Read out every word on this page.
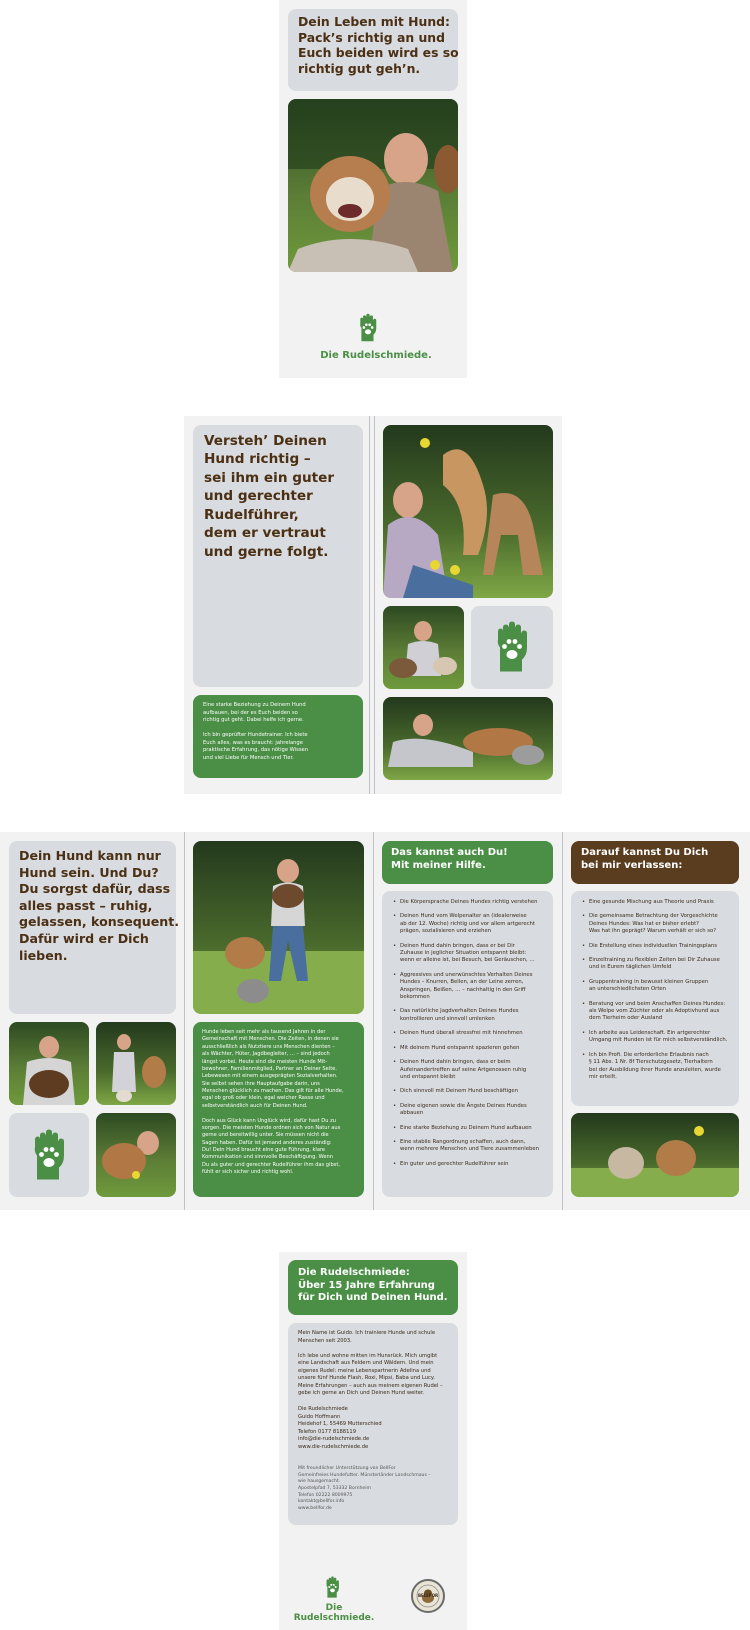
Dein Leben mit Hund:
Pack’s richtig an und
Euch beiden wird es so
richtig gut geh’n.
Die Rudelschmiede.
Versteh’ Deinen
Hund richtig –
sei ihm ein guter
und gerechter
Rudelführer,
dem er vertraut
und gerne folgt.
Eine starke Beziehung zu Deinem Hund
aufbauen, bei der es Euch beiden so
richtig gut geht. Dabei helfe ich gerne.

Ich bin geprüfter Hundetrainer. Ich biete
Euch alles, was es braucht: jahrelange
praktische Erfahrung, das nötige Wissen
und viel Liebe für Mensch und Tier.
Dein Hund kann nur
Hund sein. Und Du?
Du sorgst dafür, dass
alles passt – ruhig,
gelassen, konsequent.
Dafür wird er Dich
lieben.
Hunde leben seit mehr als tausend Jahren in der
Gemeinschaft mit Menschen. Die Zeiten, in denen sie
ausschließlich als Nutztiere uns Menschen dienten –
als Wächter, Hüter, Jagdbegleiter, … – sind jedoch
längst vorbei. Heute sind die meisten Hunde Mit-
bewohner, Familienmitglied, Partner an Deiner Seite.
Lebewesen mit einem ausgeprägten Sozialverhalten.
Sie selbst sehen ihre Hauptaufgabe darin, uns
Menschen glücklich zu machen. Das gilt für alle Hunde,
egal ob groß oder klein, egal welcher Rasse und
selbstverständlich auch für Deinen Hund.

Doch aus Glück kann Unglück wird, dafür hast Du zu
sorgen. Die meisten Hunde ordnen sich von Natur aus
gerne und bereitwillig unter. Sie müssen nicht die
Sagen haben. Dafür ist jemand anderes zuständig:
Du! Dein Hund braucht eine gute Führung, klare
Kommunikation und sinnvolle Beschäftigung. Wenn
Du als guter und gerechter Rudelführer ihm das gibst,
fühlt er sich sicher und richtig wohl.
Das kannst auch Du!
Mit meiner Hilfe.
• Die Körpersprache Deines Hundes richtig verstehen
• Deinen Hund vom Welpenalter an (idealerweise
ab der 12. Woche) richtig und vor allem artgerecht
prägen, sozialisieren und erziehen
• Deinen Hund dahin bringen, dass er bei Dir
Zuhause in jeglicher Situation entspannt bleibt:
wenn er alleine ist, bei Besuch, bei Geräuschen, …
• Aggressives und unerwünschtes Verhalten Deines
Hundes – Knurren, Bellen, an der Leine zerren,
Anspringen, Beißen, … – nachhaltig in den Griff
bekommen
• Das natürliche Jagdverhalten Deines Hundes
kontrollieren und sinnvoll umlenken
• Deinen Hund überall stressfrei mit hinnehmen
• Mit deinem Hund entspannt spazieren gehen
• Deinen Hund dahin bringen, dass er beim
Aufeinandertreffen auf seine Artgenossen ruhig
und entspannt bleibt
• Dich sinnvoll mit Deinem Hund beschäftigen
• Deine eigenen sowie die Ängste Deines Hundes
abbauen
• Eine starke Beziehung zu Deinem Hund aufbauen
• Eine stabile Rangordnung schaffen, auch dann,
wenn mehrere Menschen und Tiere zusammenleben
• Ein guter und gerechter Rudelführer sein
Darauf kannst Du Dich
bei mir verlassen:
• Eine gesunde Mischung aus Theorie und Praxis
• Die gemeinsame Betrachtung der Vorgeschichte
Deines Hundes: Was hat er bisher erlebt?
Was hat ihn geprägt? Warum verhält er sich so?
• Die Erstellung eines individuellen Trainingsplans
• Einzeltraining zu flexiblen Zeiten bei Dir Zuhause
und in Eurem täglichen Umfeld
• Gruppentraining in bewusst kleinen Gruppen
an unterschiedlichsten Orten
• Beratung vor und beim Anschaffen Deines Hundes:
als Welpe vom Züchter oder als Adoptivhund aus
dem Tierheim oder Ausland
• Ich arbeite aus Leidenschaft. Ein artgerechter
Umgang mit Hunden ist für mich selbstverständlich.
• Ich bin Profi. Die erforderliche Erlaubnis nach
§ 11 Abs. 1 Nr. 8f Tierschutzgesetz, Tierhaltern
bei der Ausbildung ihrer Hunde anzuleiten, wurde
mir erteilt.
Die Rudelschmiede:
Über 15 Jahre Erfahrung
für Dich und Deinen Hund.
Mein Name ist Guido. Ich trainiere Hunde und schule
Menschen seit 2003.

Ich lebe und wohne mitten im Hunsrück. Mich umgibt
eine Landschaft aus Feldern und Wäldern. Und mein
eigenes Rudel: meine Lebenspartnerin Adelina und
unsere fünf Hunde Flash, Roxi, Mipsi, Baba und Lucy.
Meine Erfahrungen – auch aus meinem eigenen Rudel –
gebe ich gerne an Dich und Deinen Hund weiter.
Die Rudelschmiede
Guido Hoffmann
Heidehof 1, 55469 Mutterschied
Telefon 0177 8188119
info@die-rudelschmiede.de
www.die-rudelschmiede.de
Mit freundlicher Unterstützung von BellFor
Gemeinfreies Hundefutter. Münsterländer Landschmaus –
wie hausgemacht.
Apostelpfad 7, 53332 Bornheim
Telefon 02222 8009975
kontakt@bellfor.info
www.bellfor.de
Die Rudelschmiede.
BELLFOR
